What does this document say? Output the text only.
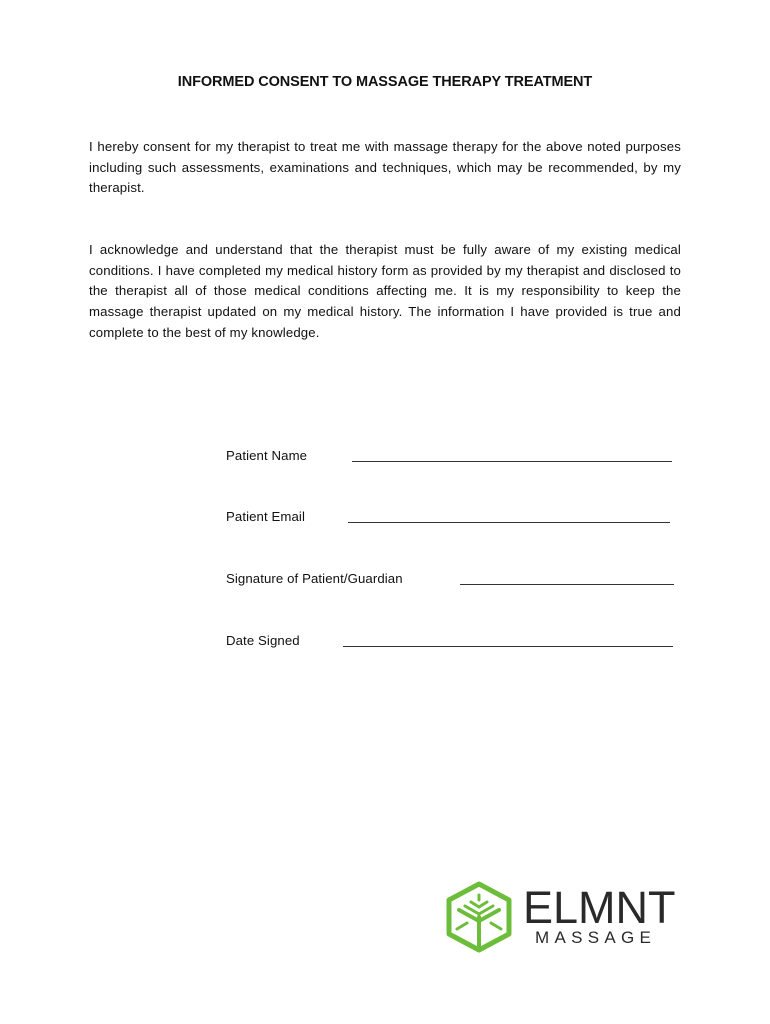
INFORMED CONSENT TO MASSAGE THERAPY TREATMENT

I hereby consent for my therapist to treat me with massage therapy for the above noted purposes including such assessments, examinations and techniques, which may be recommended, by my therapist.

I acknowledge and understand that the therapist must be fully aware of my existing medical conditions. I have completed my medical history form as provided by my therapist and disclosed to the therapist all of those medical conditions affecting me. It is my responsibility to keep the massage therapist updated on my medical history. The information I have provided is true and complete to the best of my knowledge.

Patient Name
Patient Email
Signature of Patient/Guardian
Date Signed
ELMNT
MASSAGE
